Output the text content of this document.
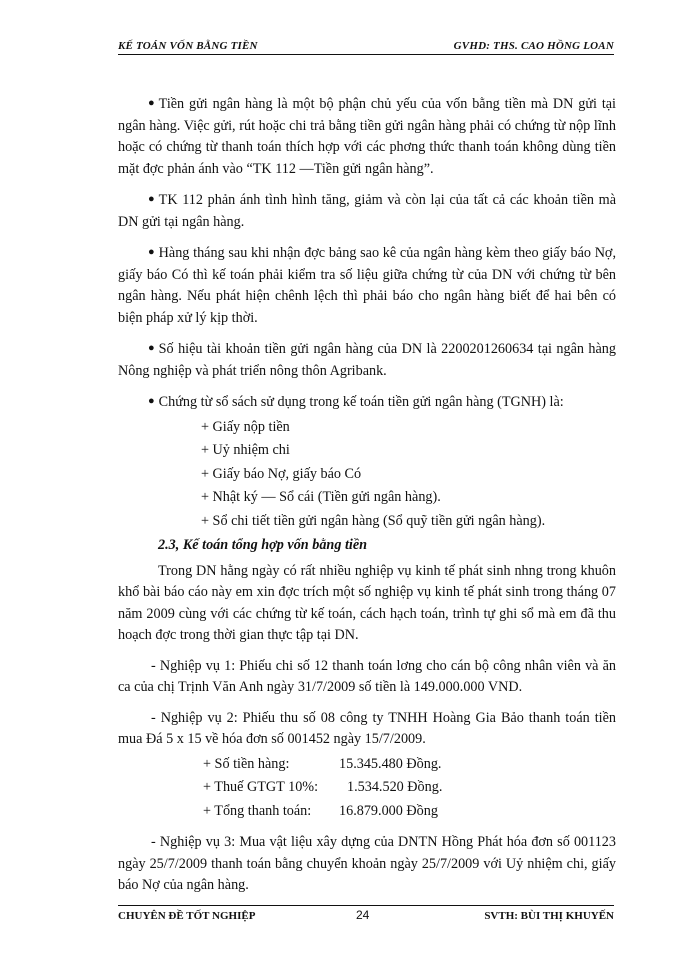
KẾ TOÁN VỐN BẰNG TIỀN	GVHD: THS. CAO HỒNG LOAN

● Tiền gửi ngân hàng là một bộ phận chủ yếu của vốn bằng tiền mà DN gửi tại ngân hàng. Việc gửi, rút hoặc chi trả bằng tiền gửi ngân hàng phải có chứng từ nộp lĩnh hoặc có chứng từ thanh toán thích hợp với các phơng thức thanh toán không dùng tiền mặt đợc phản ánh vào “TK 112 —Tiền gửi ngân hàng”.

● TK 112 phản ánh tình hình tăng, giảm và còn lại của tất cả các khoản tiền mà DN gửi tại ngân hàng.

● Hàng tháng sau khi nhận đợc bảng sao kê của ngân hàng kèm theo giấy báo Nợ, giấy báo Có thì kế toán phải kiểm tra số liệu giữa chứng từ của DN với chứng từ bên ngân hàng. Nếu phát hiện chênh lệch thì phải báo cho ngân hàng biết để hai bên có biện pháp xử lý kịp thời.

● Số hiệu tài khoản tiền gửi ngân hàng của DN là 2200201260634 tại ngân hàng Nông nghiệp và phát triển nông thôn Agribank.

● Chứng từ sổ sách sử dụng trong kế toán tiền gửi ngân hàng (TGNH) là:

+ Giấy nộp tiền
+ Uỷ nhiệm chi
+ Giấy báo Nợ, giấy báo Có
+ Nhật ký — Sổ cái (Tiền gửi ngân hàng).
+ Sổ chi tiết tiền gửi ngân hàng (Sổ quỹ tiền gửi ngân hàng).

2.3, Kế toán tổng hợp vốn bằng tiền

Trong DN hằng ngày có rất nhiều nghiệp vụ kinh tế phát sinh nhng trong khuôn khổ bài báo cáo này em xin đợc trích một số nghiệp vụ kinh tế phát sinh trong tháng 07 năm 2009 cùng với các chứng từ kế toán, cách hạch toán, trình tự ghi sổ mà em đã thu hoạch đợc trong thời gian thực tập tại DN.

- Nghiệp vụ 1: Phiếu chi số 12 thanh toán lơng cho cán bộ công nhân viên và ăn ca của chị Trịnh Văn Anh ngày 31/7/2009 số tiền là 149.000.000 VND.

- Nghiệp vụ 2: Phiếu thu số 08 công ty TNHH Hoàng Gia Bảo thanh toán tiền mua Đá 5 x 15 về hóa đơn số 001452 ngày 15/7/2009.

+ Số tiền hàng:	15.345.480 Đồng.
+ Thuế GTGT 10%:	1.534.520 Đồng.
+ Tổng thanh toán:	16.879.000 Đồng

- Nghiệp vụ 3: Mua vật liệu xây dựng của DNTN Hồng Phát hóa đơn số 001123 ngày 25/7/2009 thanh toán bằng chuyển khoản ngày 25/7/2009 với Uỷ nhiệm chi, giấy báo Nợ của ngân hàng.

CHUYÊN ĐỀ TỐT NGHIỆP	24	SVTH: BÙI THỊ KHUYẾN
